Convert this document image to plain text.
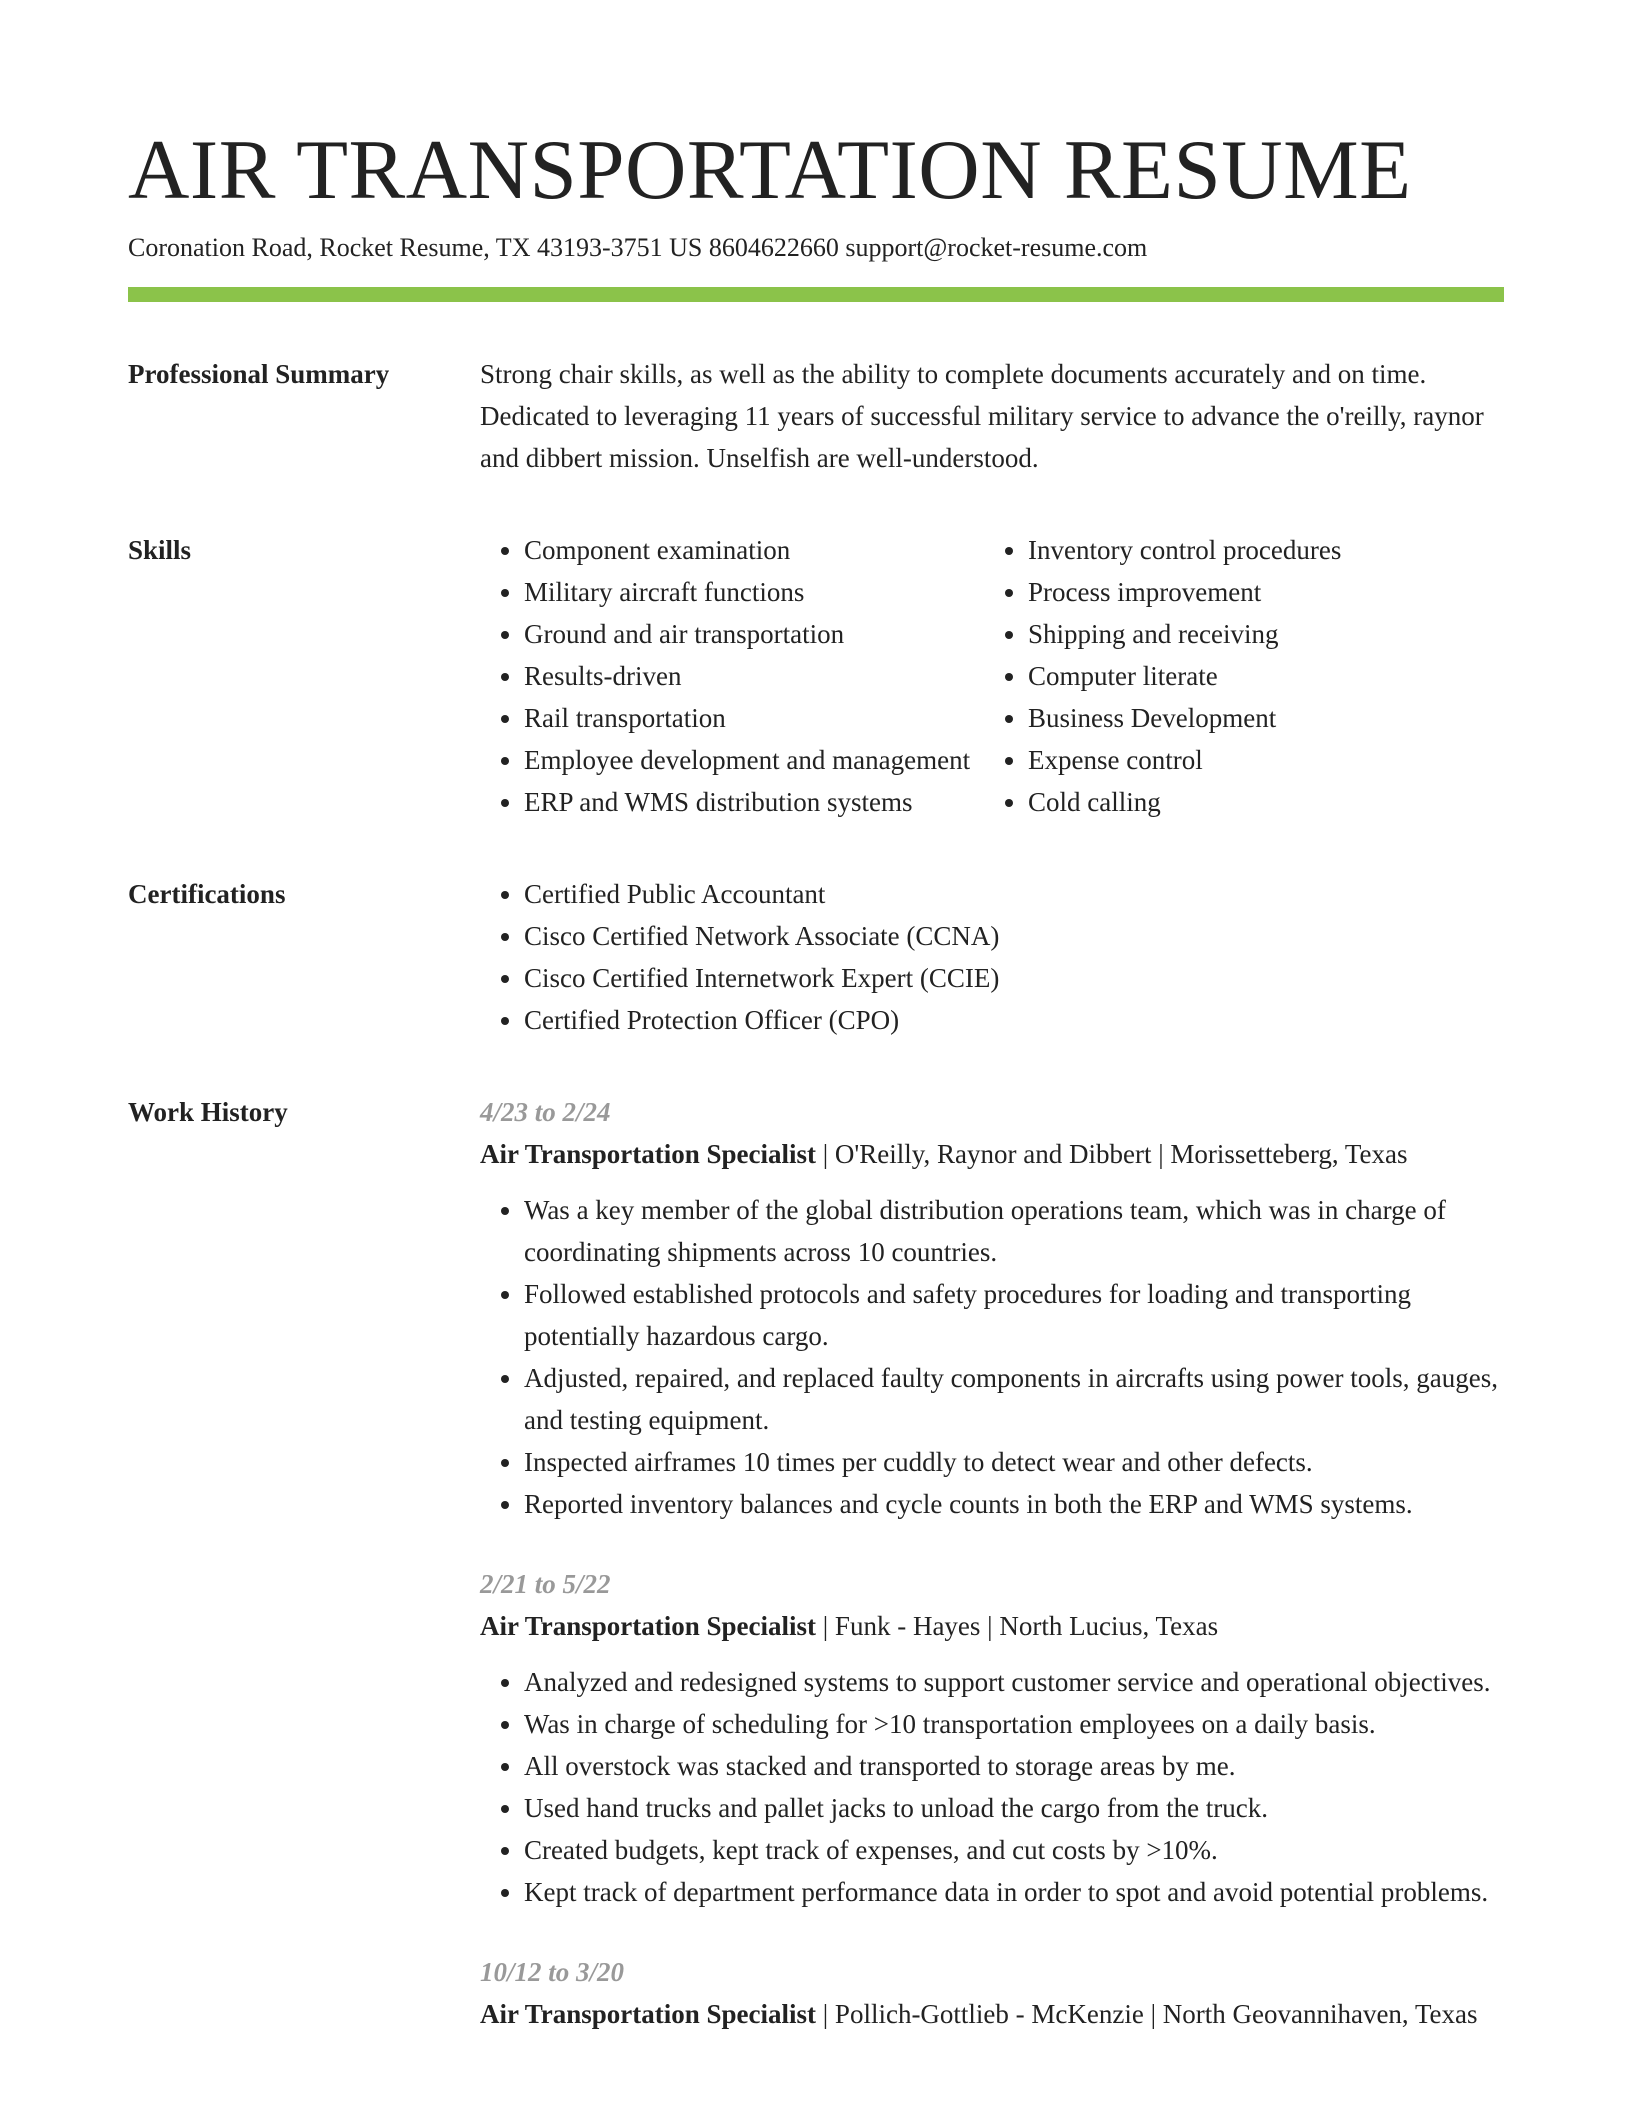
AIR TRANSPORTATION RESUME
Coronation Road, Rocket Resume, TX 43193-3751 US 8604622660 support@rocket-resume.com
Professional Summary	Strong chair skills, as well as the ability to complete documents accurately and on time. Dedicated to leveraging 11 years of successful military service to advance the o'reilly, raynor and dibbert mission. Unselfish are well-understood.

Skills	• Component examination
• Military aircraft functions
• Ground and air transportation
• Results-driven
• Rail transportation
• Employee development and management
• ERP and WMS distribution systems
• Inventory control procedures
• Process improvement
• Shipping and receiving
• Computer literate
• Business Development
• Expense control
• Cold calling
Certifications	• Certified Public Accountant
• Cisco Certified Network Associate (CCNA)
• Cisco Certified Internetwork Expert (CCIE)
• Certified Protection Officer (CPO)
Work History	4/23 to 2/24
Air Transportation Specialist | O'Reilly, Raynor and Dibbert | Morissetteberg, Texas
• Was a key member of the global distribution operations team, which was in charge of coordinating shipments across 10 countries.
• Followed established protocols and safety procedures for loading and transporting potentially hazardous cargo.
• Adjusted, repaired, and replaced faulty components in aircrafts using power tools, gauges, and testing equipment.
• Inspected airframes 10 times per cuddly to detect wear and other defects.
• Reported inventory balances and cycle counts in both the ERP and WMS systems.
2/21 to 5/22
Air Transportation Specialist | Funk - Hayes | North Lucius, Texas
• Analyzed and redesigned systems to support customer service and operational objectives.
• Was in charge of scheduling for >10 transportation employees on a daily basis.
• All overstock was stacked and transported to storage areas by me.
• Used hand trucks and pallet jacks to unload the cargo from the truck.
• Created budgets, kept track of expenses, and cut costs by >10%.
• Kept track of department performance data in order to spot and avoid potential problems.
10/12 to 3/20
Air Transportation Specialist | Pollich-Gottlieb - McKenzie | North Geovannihaven, Texas
